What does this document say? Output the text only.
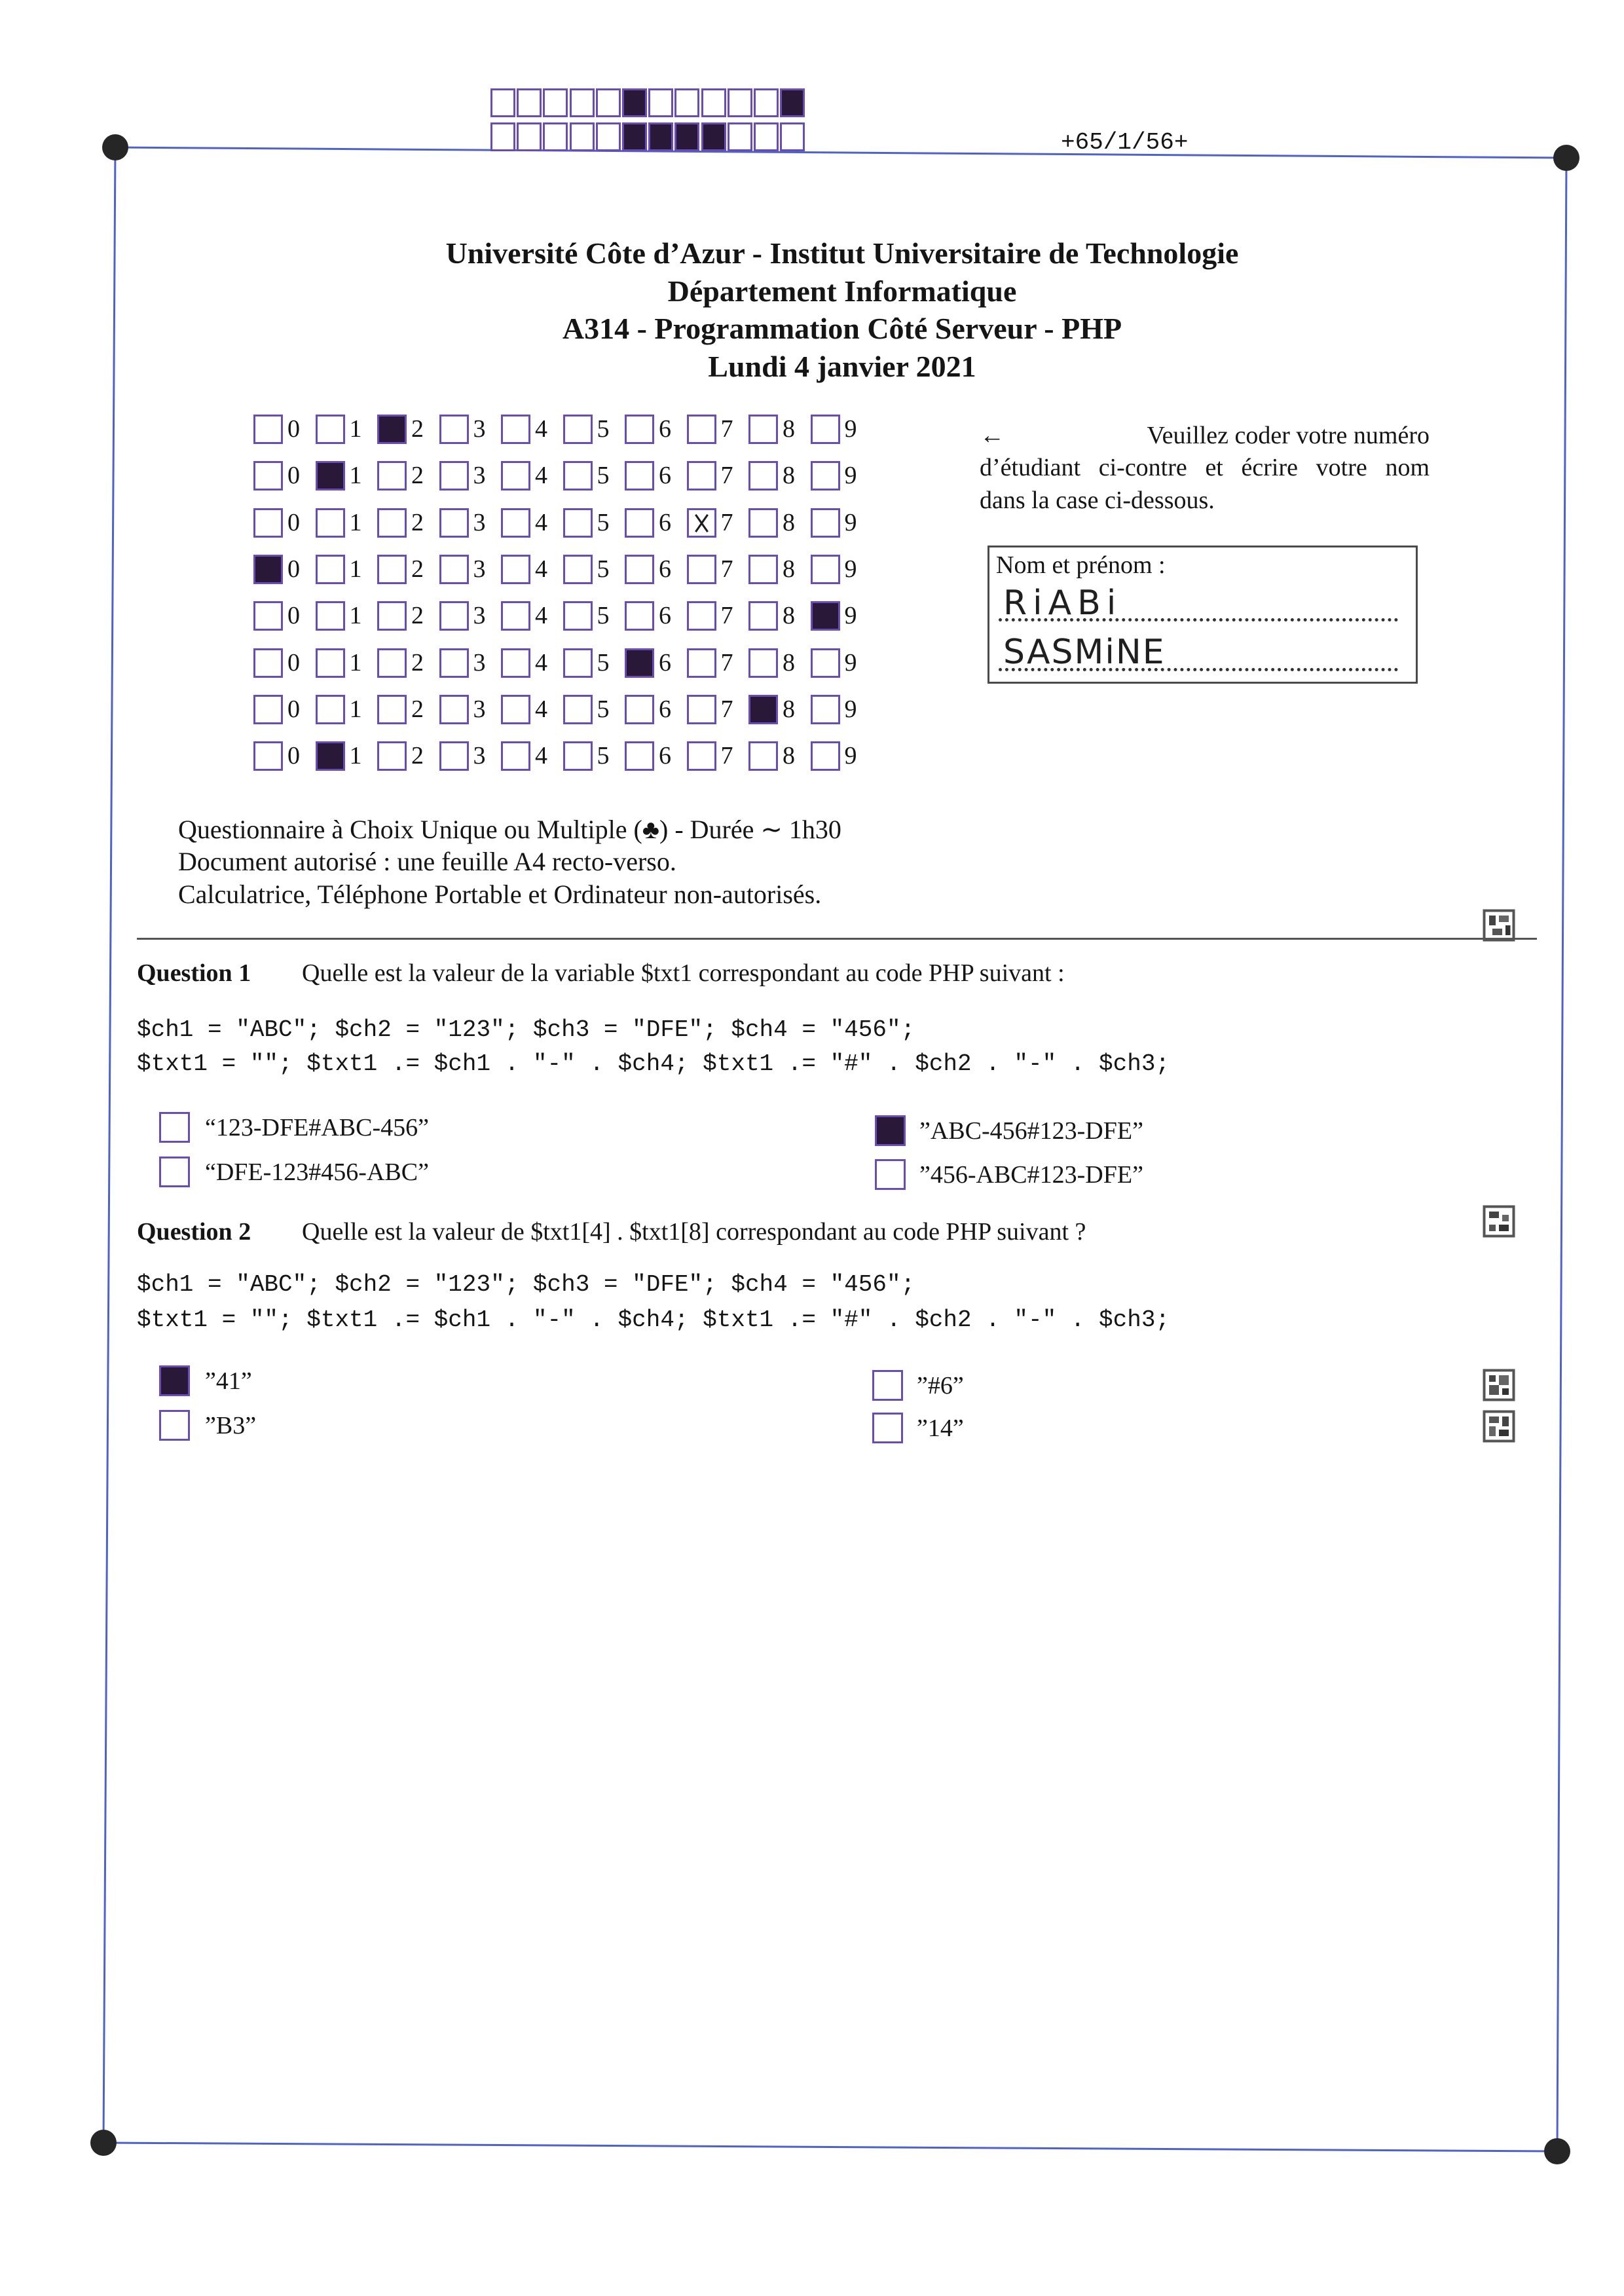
+65/1/56+
Université Côte d’Azur - Institut Universitaire de Technologie
Département Informatique
A314 - Programmation Côté Serveur - PHP
Lundi 4 janvier 2021
0 1 2 3 4 5 6 7 8 9
0 1 2 3 4 5 6 7 8 9
0 1 2 3 4 5 6 7 8 9
0 1 2 3 4 5 6 7 8 9
0 1 2 3 4 5 6 7 8 9
0 1 2 3 4 5 6 7 8 9
0 1 2 3 4 5 6 7 8 9
0 1 2 3 4 5 6 7 8 9
←	Veuillez coder votre numéro
d’étudiant ci-contre et écrire votre nom
dans la case ci-dessous.
Nom et prénom :
RiABi
SASMiNE
Questionnaire à Choix Unique ou Multiple (♣) - Durée ∼ 1h30
Document autorisé : une feuille A4 recto-verso.
Calculatrice, Téléphone Portable et Ordinateur non-autorisés.
Question 1 Quelle est la valeur de la variable $txt1 correspondant au code PHP suivant :
$ch1 = "ABC"; $ch2 = "123"; $ch3 = "DFE"; $ch4 = "456";
$txt1 = ""; $txt1 .= $ch1 . "-" . $ch4; $txt1 .= "#" . $ch2 . "-" . $ch3;
“123-DFE#ABC-456”
“DFE-123#456-ABC”
”ABC-456#123-DFE”
”456-ABC#123-DFE”
Question 2 Quelle est la valeur de $txt1[4] . $txt1[8] correspondant au code PHP suivant ?
$ch1 = "ABC"; $ch2 = "123"; $ch3 = "DFE"; $ch4 = "456";
$txt1 = ""; $txt1 .= $ch1 . "-" . $ch4; $txt1 .= "#" . $ch2 . "-" . $ch3;
”41”
”B3”
”#6”
”14”
